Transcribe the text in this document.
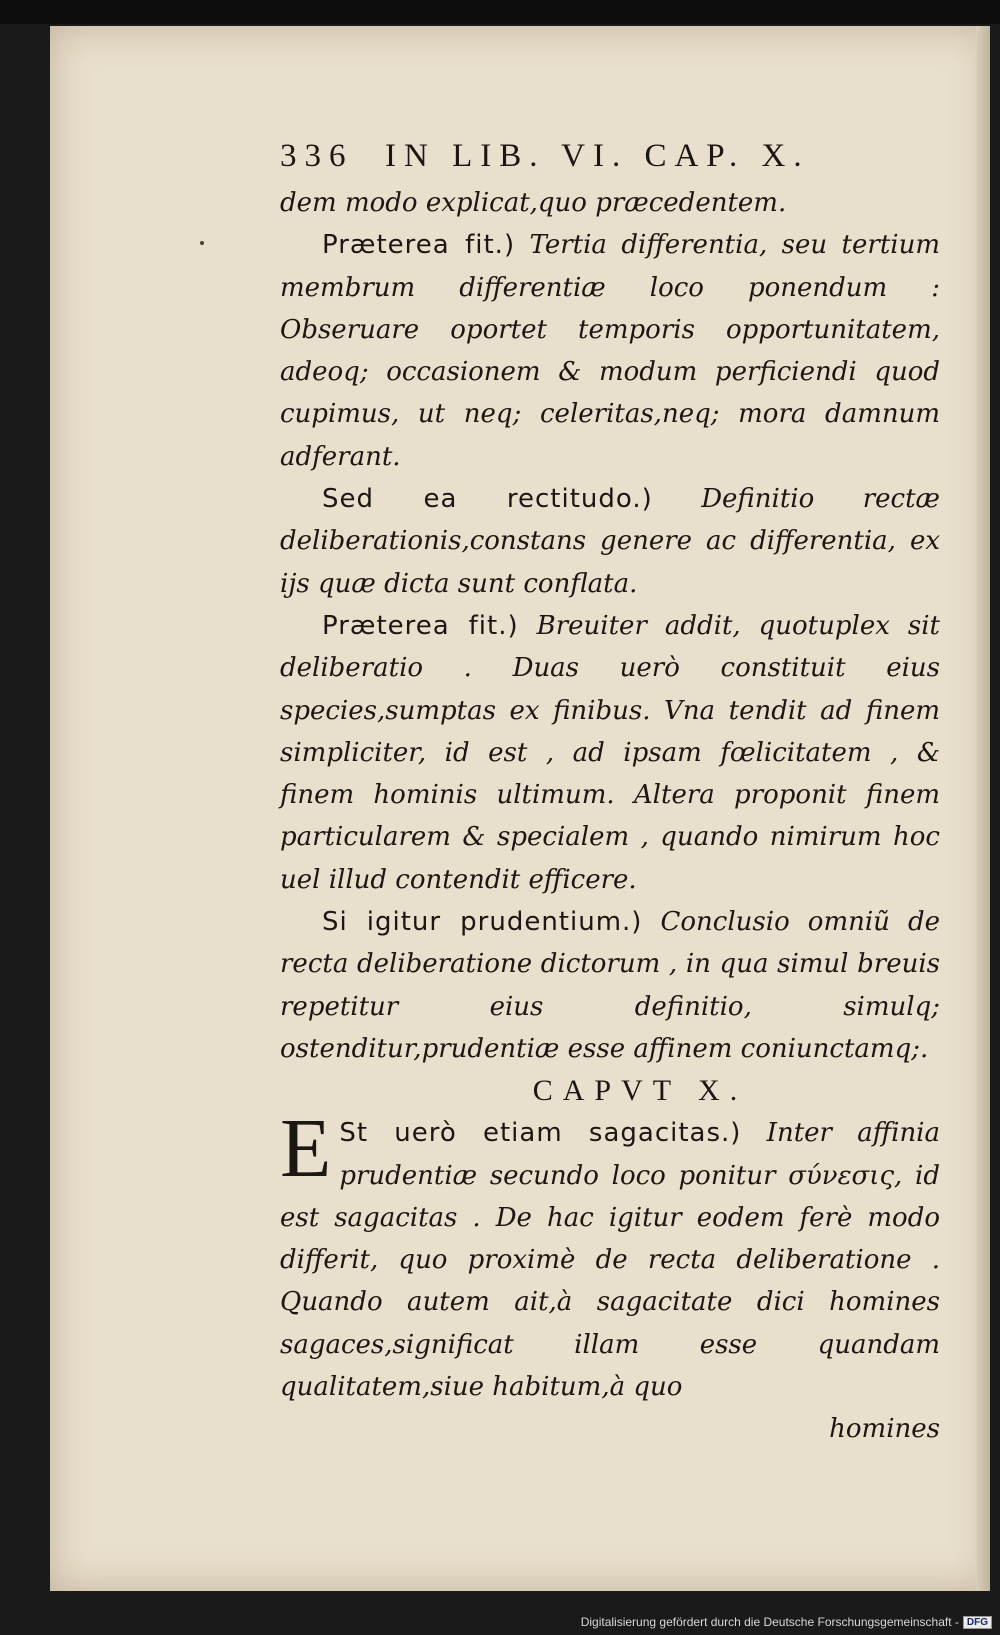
336 IN LIB. VI. CAP. X.

dem modo explicat,quo præcedentem.

Præterea fit.) Tertia differentia, seu tertium membrum differentiæ loco ponendum : Obseruare oportet temporis opportunitatem, adeoq; occasionem & modum perficiendi quod cupimus, ut neq; celeritas,neq; mora damnum adferant.

Sed ea rectitudo.) Definitio rectæ deliberationis,constans genere ac differentia, ex ijs quæ dicta sunt conflata.

Præterea fit.) Breuiter addit, quotuplex sit deliberatio . Duas uerò constituit eius species,sumptas ex finibus. Vna tendit ad finem simpliciter, id est , ad ipsam fœlicitatem , & finem hominis ultimum. Altera proponit finem particularem & specialem , quando nimirum hoc uel illud contendit efficere.

Si igitur prudentium.) Conclusio omniũ de recta deliberatione dictorum , in qua simul breuis repetitur eius definitio, simulq; ostenditur,prudentiæ esse affinem coniunctamq;.

CAPVT X.
E St uerò etiam sagacitas.) Inter affinia prudentiæ secundo loco ponitur σύνεσις, id est sagacitas . De hac igitur eodem ferè modo differit, quo proximè de recta deliberatione . Quando autem ait,à sagacitate dici homines sagaces,significat illam esse quandam qualitatem,siue habitum,à quo

homines
Digitalisierung gefördert durch die Deutsche Forschungsgemeinschaft - DFG
